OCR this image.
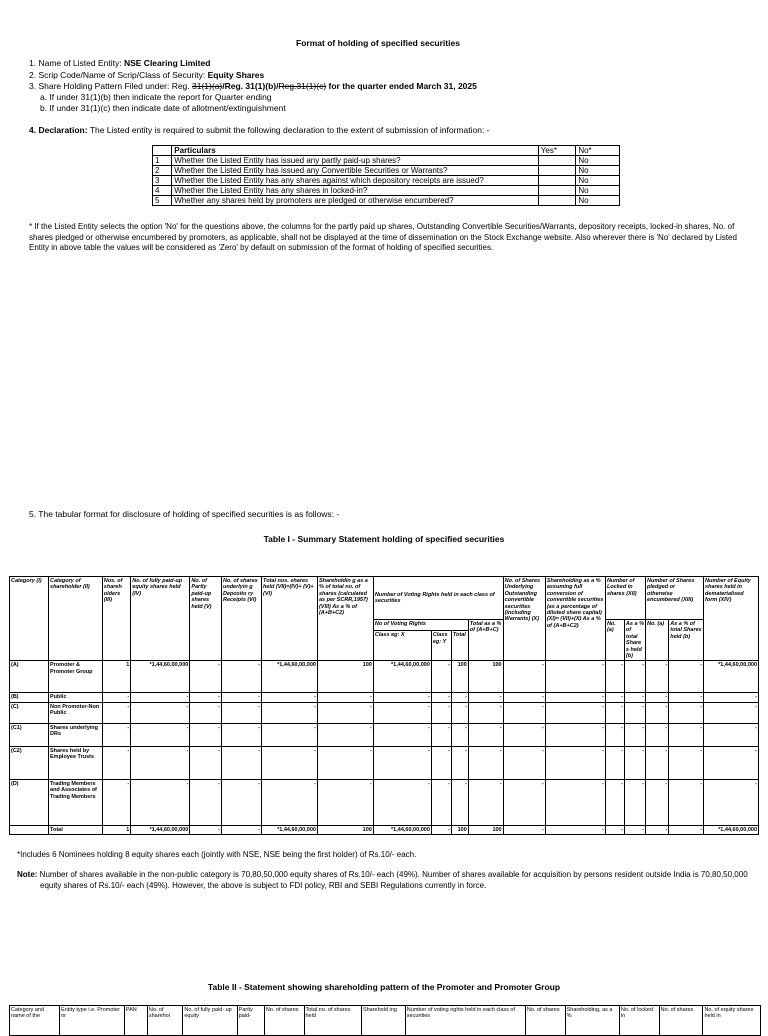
Format of holding of specified securities
1. Name of Listed Entity: NSE Clearing Limited
2. Scrip Code/Name of Scrip/Class of Security: Equity Shares
3. Share Holding Pattern Filed under: Reg. 31(1)(a)/Reg. 31(1)(b)/Reg.31(1)(c) for the quarter ended March 31, 2025
a. If under 31(1)(b) then indicate the report for Quarter ending
b. If under 31(1)(c) then indicate date of allotment/extinguishment
4. Declaration: The Listed entity is required to submit the following declaration to the extent of submission of information: -
	Particulars	Yes*	No*
1	Whether the Listed Entity has issued any partly paid-up shares?		No
2	Whether the Listed Entity has issued any Convertible Securities or Warrants?		No
3	Whether the Listed Entity has any shares against which depository receipts are issued?		No
4	Whether the Listed Entity has any shares in locked-in?		No
5	Whether any shares held by promoters are pledged or otherwise encumbered?		No
* If the Listed Entity selects the option 'No' for the questions above, the columns for the partly paid up shares, Outstanding Convertible Securities/Warrants, depository receipts, locked-in shares, No. of shares pledged or otherwise encumbered by promoters, as applicable, shall not be displayed at the time of dissemination on the Stock Exchange website. Also wherever there is 'No' declared by Listed Entity in above table the values will be considered as 'Zero' by default on submission of the format of holding of specified securities.
5. The tabular format for disclosure of holding of specified securities is as follows: -
Table I - Summary Statement holding of specified securities
Category (I)	Category of shareholder (II)	Nos. of shareh olders (III)	No. of fully paid-up equity shares held (IV)	No. of Partly paid-up shares held (V)	No. of shares underlyin g Deposito ry Receipts (VI)	Total nos. shares held (VII)=(IV)+ (V)+(VI)	Shareholdin g as a % of total no. of shares (calculated as per SCRR,1957) (VIII) As a % of (A+B+C2)	Number of Voting Rights held in each class of securities				No. of Shares Underlying Outstanding convertible securities (including Warrants) (X)	Shareholding as a % assuming full conversion of convertible securities (as a percentage of diluted share capital) (XI)= (VII)+(X) As a % of (A+B+C2)	Number of Locked in shares (XII)		Number of Shares pledged or otherwise encumbered (XIII)		Number of Equity shares held in dematerialised form (XIV)
								No of Voting Rights			Total as a % of (A+B+C)			No. (a)	As a % of total Share s held (b)	No. (a)	As a % of total Shares held (b)	
								Class eg: X	Class eg: Y	Total								
(A)	Promoter & Promoter Group	1	*1,44,60,00,000	-	-	*1,44,60,00,000	100	*1,44,60,00,000	-	100	100	-	-	-	-	-	-	*1,44,60,00,000
(B)	Public	-	-	-	-	-	-	-	-	-	-	-	-	-	-	-	-	-
(C)	Non Promoter-Non Public	-	-	-	-	-	-	-	-	-	-	-	-	-	-	-	-	-
(C1)	Shares underlying DRs	-	-	-	-	-	-	-	-	-	-	-	-	-	-	-	-	-
(C2)	Shares held by Employee Trusts	-	-	-	-	-	-	-	-	-	-	-	-	-	-	-	-	-
(D)	Trading Members and Associates of Trading Members	-	-	-	-	-	-	-	-	-	-	-	-	-	-	-	-	-
	Total	1	*1,44,60,00,000	-	-	*1,44,60,00,000	100	*1,44,60,00,000	-	100	100	-	-	-	-	-	-	*1,44,60,00,000
*Includes 6 Nominees holding 8 equity shares each (jointly with NSE, NSE being the first holder) of Rs.10/- each.
Note: Number of shares available in the non-public category is 70,80,50,000 equity shares of Rs.10/- each (49%). Number of shares available for acquisition by persons resident outside India is 70,80,50,000 equity shares of Rs.10/- each (49%). However, the above is subject to FDI policy, RBI and SEBI Regulations currently in force.
Table II - Statement showing shareholding pattern of the Promoter and Promoter Group
Category and name of the	Entity type i.e. Promoter or	PAN	No. of sharehol	No. of fully paid- up equity	Partly paid-	No. of shares	Total no. of shares held	Sharehold ing	Number of voting rights held in each class of securities	No. of shares	Shareholding, as a %	No. of locked in	No. of shares	No. of equity shares held in
